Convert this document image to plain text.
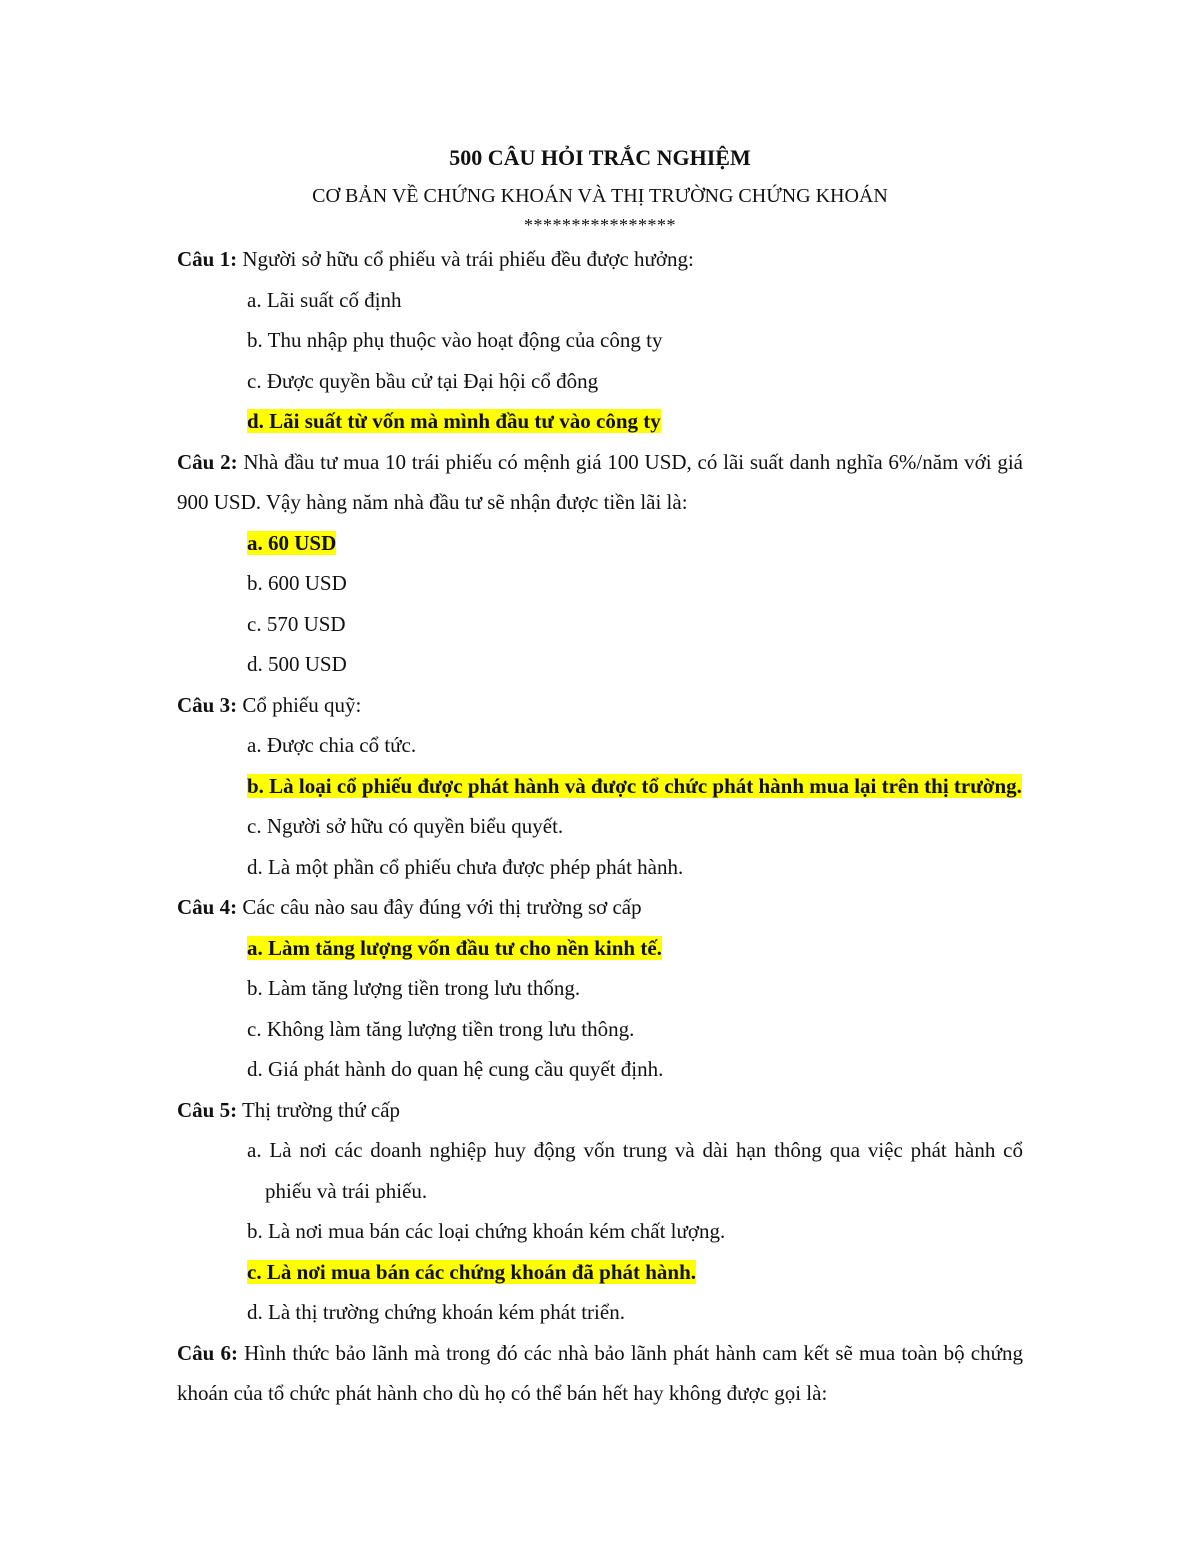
500 CÂU HỎI TRẮC NGHIỆM
CƠ BẢN VỀ CHỨNG KHOÁN VÀ THỊ TRƯỜNG CHỨNG KHOÁN
****************
Câu 1: Người sở hữu cổ phiếu và trái phiếu đều được hưởng:
a. Lãi suất cố định
b. Thu nhập phụ thuộc vào hoạt động của công ty
c. Được quyền bầu cử tại Đại hội cổ đông
d. Lãi suất từ vốn mà mình đầu tư vào công ty
Câu 2: Nhà đầu tư mua 10 trái phiếu có mệnh giá 100 USD, có lãi suất danh nghĩa 6%/năm với giá 900 USD. Vậy hàng năm nhà đầu tư sẽ nhận được tiền lãi là:
a. 60 USD
b. 600 USD
c. 570 USD
d. 500 USD
Câu 3: Cổ phiếu quỹ:
a. Được chia cổ tức.
b. Là loại cổ phiếu được phát hành và được tổ chức phát hành mua lại trên thị trường.
c. Người sở hữu có quyền biểu quyết.
d. Là một phần cổ phiếu chưa được phép phát hành.
Câu 4: Các câu nào sau đây đúng với thị trường sơ cấp
a. Làm tăng lượng vốn đầu tư cho nền kinh tế.
b. Làm tăng lượng tiền trong lưu thống.
c. Không làm tăng lượng tiền trong lưu thông.
d. Giá phát hành do quan hệ cung cầu quyết định.
Câu 5: Thị trường thứ cấp
a. Là nơi các doanh nghiệp huy động vốn trung và dài hạn thông qua việc phát hành cổ phiếu và trái phiếu.
b. Là nơi mua bán các loại chứng khoán kém chất lượng.
c. Là nơi mua bán các chứng khoán đã phát hành.
d. Là thị trường chứng khoán kém phát triển.
Câu 6: Hình thức bảo lãnh mà trong đó các nhà bảo lãnh phát hành cam kết sẽ mua toàn bộ chứng khoán của tổ chức phát hành cho dù họ có thể bán hết hay không được gọi là:
